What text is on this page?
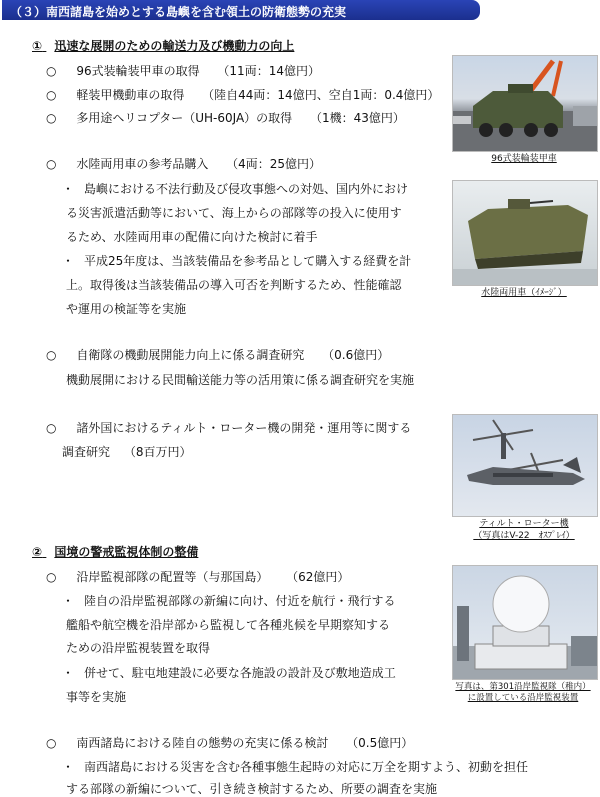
（３）南西諸島を始めとする島嶼を含む領土の防衛態勢の充実
① 迅速な展開のための輸送力及び機動力の向上
○ 96式装輪装甲車の取得 （11両：14億円）
○ 軽装甲機動車の取得 （陸自44両：14億円、空自1両：0.4億円）
○ 多用途ヘリコプター（UH-60JA）の取得 （1機：43億円）
○ 水陸両用車の参考品購入 （4両：25億円）
・ 島嶼における不法行動及び侵攻事態への対処、国内外におけ
る災害派遣活動等において、海上からの部隊等の投入に使用す
るため、水陸両用車の配備に向けた検討に着手
・ 平成25年度は、当該装備品を参考品として購入する経費を計
上。取得後は当該装備品の導入可否を判断するため、性能確認
や運用の検証等を実施
○ 自衛隊の機動展開能力向上に係る調査研究 （0.6億円）
機動展開における民間輸送能力等の活用策に係る調査研究を実施
○ 諸外国におけるティルト・ローター機の開発・運用等に関する
調査研究 （8百万円）
96式装輪装甲車
水陸両用車（ｲﾒｰｼﾞ）
ティルト・ローター機
（写真はV-22　ｵｽﾌﾟﾚｲ）
② 国境の警戒監視体制の整備
○ 沿岸監視部隊の配置等（与那国島） （62億円）
・ 陸自の沿岸監視部隊の新編に向け、付近を航行・飛行する
艦船や航空機を沿岸部から監視して各種兆候を早期察知する
ための沿岸監視装置を取得
・ 併せて、駐屯地建設に必要な各施設の設計及び敷地造成工
事等を実施
写真は、第301沿岸監視隊（稚内）
に設置している沿岸監視装置
○ 南西諸島における陸自の態勢の充実に係る検討 （0.5億円）
・ 南西諸島における災害を含む各種事態生起時の対応に万全を期すよう、初動を担任
する部隊の新編について、引き続き検討するため、所要の調査を実施
